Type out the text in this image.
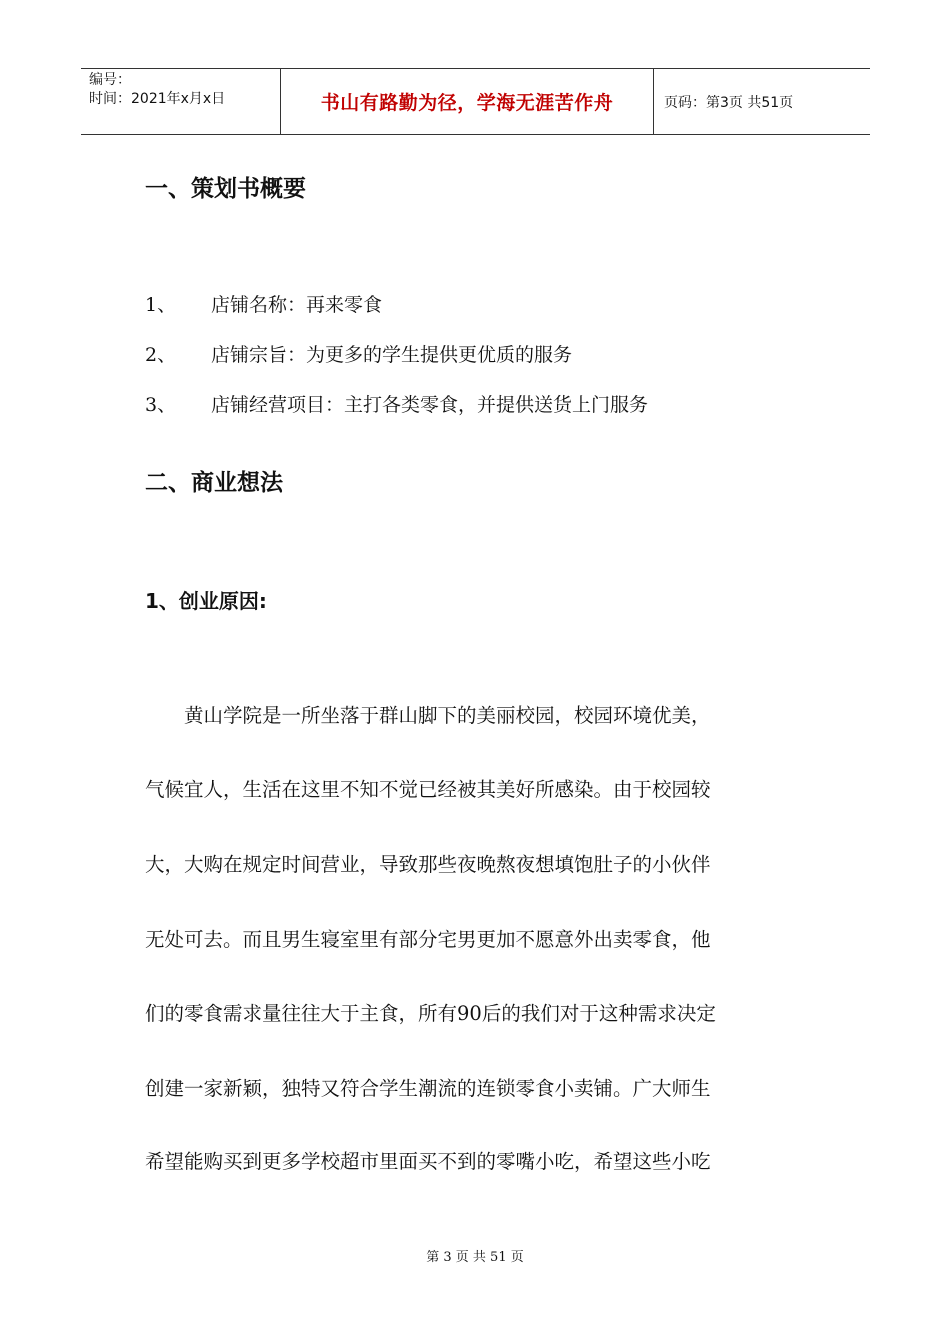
编号：
时间：2021年x月x日	书山有路勤为径，学海无涯苦作舟	页码：第3页 共51页
一、策划书概要
1、 店铺名称：再来零食
2、 店铺宗旨：为更多的学生提供更优质的服务
3、 店铺经营项目：主打各类零食，并提供送货上门服务
二、商业想法
1、创业原因:
　　黄山学院是一所坐落于群山脚下的美丽校园，校园环境优美，
气候宜人，生活在这里不知不觉已经被其美好所感染。由于校园较
大，大购在规定时间营业，导致那些夜晚熬夜想填饱肚子的小伙伴
无处可去。而且男生寝室里有部分宅男更加不愿意外出卖零食，他
们的零食需求量往往大于主食，所有90后的我们对于这种需求决定
创建一家新颖，独特又符合学生潮流的连锁零食小卖铺。广大师生
希望能购买到更多学校超市里面买不到的零嘴小吃，希望这些小吃
第 3 页 共 51 页
